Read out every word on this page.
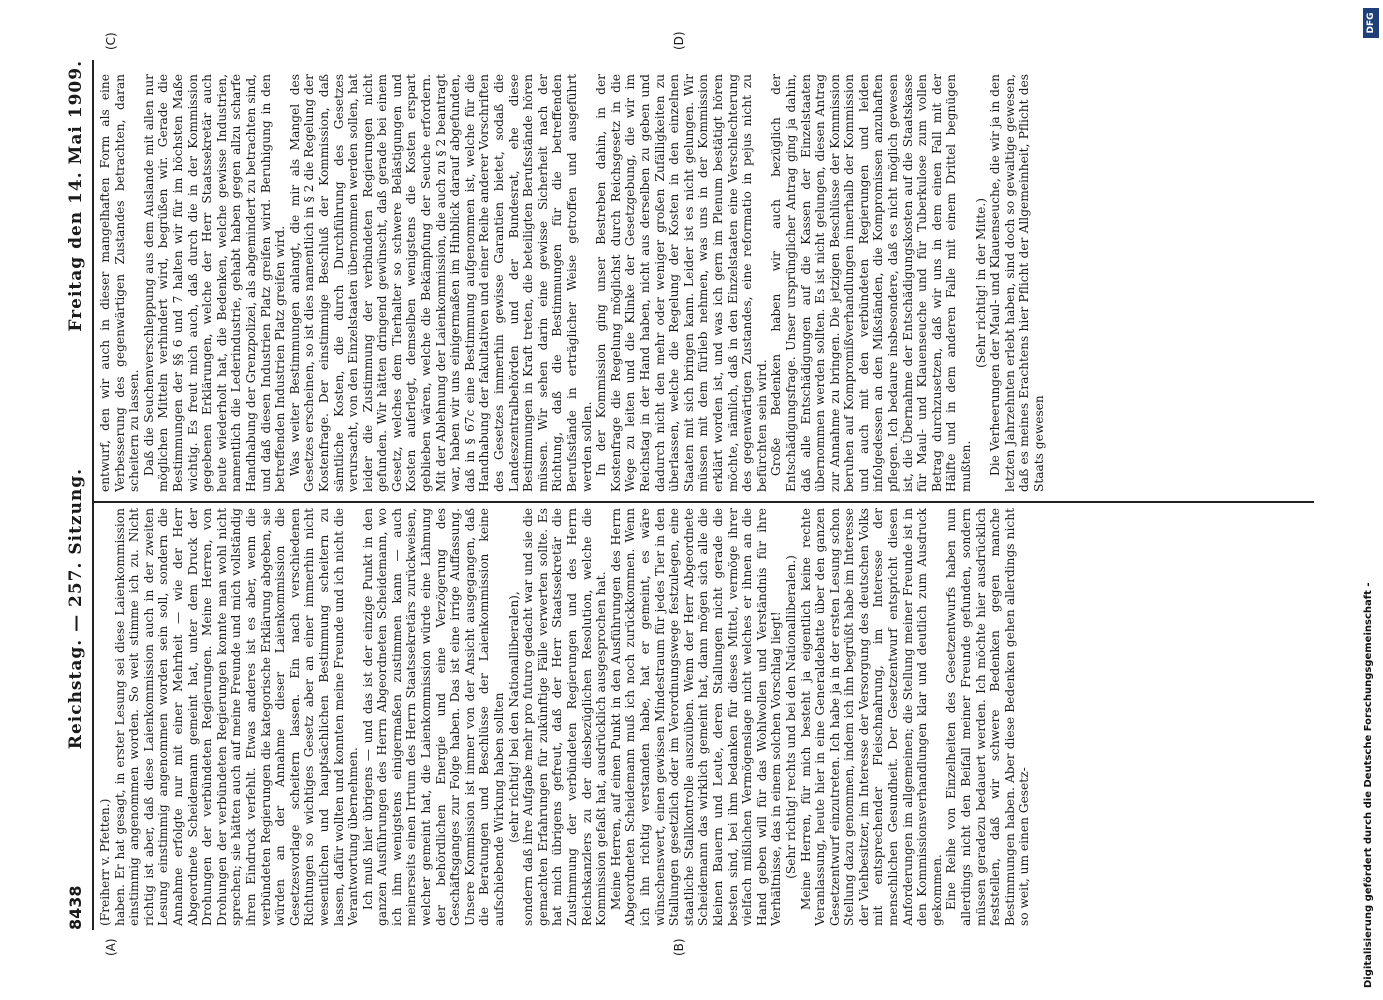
8438
Reichstag. — 257. Sitzung.
Freitag den 14. Mai 1909.
(A)	(B)
(C)	(D)

(Freiherr v. Pfetten.) haben. Er hat gesagt, in erster Lesung sei diese Laienkommission einstimmig angenommen worden. So weit stimme ich zu. Nicht richtig ist aber, daß diese Laienkommission auch in der zweiten Lesung einstimmig angenommen worden sein soll, sondern die Annahme erfolgte nur mit einer Mehrheit — wie der Herr Abgeordnete Scheidemann gemeint hat, unter dem Druck der Drohungen der verbündeten Regierungen. Meine Herren, von Drohungen der verbündeten Regierungen konnte man wohl nicht sprechen; sie hätten auch auf meine Freunde und mich vollständig ihren Eindruck verfehlt. Etwas anderes ist es aber, wenn die verbündeten Regierungen die kategorische Erklärung abgeben, sie würden an der Annahme dieser Laienkommission die Gesetzesvorlage scheitern lassen. Ein nach verschiedenen Richtungen so wichtiges Gesetz aber an einer immerhin nicht wesentlichen und hauptsächlichen Bestimmung scheitern zu lassen, dafür wollten und konnten meine Freunde und ich nicht die Verantwortung übernehmen. Ich muß hier übrigens — und das ist der einzige Punkt in den ganzen Ausführungen des Herrn Abgeordneten Scheidemann, wo ich ihm wenigstens einigermaßen zustimmen kann — auch meinerseits einen Irrtum des Herrn Staatssekretärs zurückweisen, welcher gemeint hat, die Laienkommission würde eine Lähmung der behördlichen Energie und eine Verzögerung des Geschäftsganges zur Folge haben. Das ist eine irrige Auffassung. Unsere Kommission ist immer von der Ansicht ausgegangen, daß die Beratungen und Beschlüsse der Laienkommission keine aufschiebende Wirkung haben sollten (sehr richtig! bei den Nationalliberalen), sondern daß ihre Aufgabe mehr pro futuro gedacht war und sie die gemachten Erfahrungen für zukünftige Fälle verwerten sollte. Es hat mich übrigens gefreut, daß der Herr Staatssekretär die Zustimmung der verbündeten Regierungen und des Herrn Reichskanzlers zu der diesbezüglichen Resolution, welche die Kommission gefaßt hat, ausdrücklich ausgesprochen hat. Meine Herren, auf einen Punkt in den Ausführungen des Herrn Abgeordneten Scheidemann muß ich noch zurückkommen. Wenn ich ihn richtig verstanden habe, hat er gemeint, es wäre wünschenswert, einen gewissen Mindestraum für jedes Tier in den Stallungen gesetzlich oder im Verordnungswege festzulegen, eine staatliche Stallkontrolle auszuüben. Wenn der Herr Abgeordnete Scheidemann das wirklich gemeint hat, dann mögen sich alle die kleinen Bauern und Leute, deren Stallungen nicht gerade die besten sind, bei ihm bedanken für dieses Mittel, vermöge ihrer vielfach mißlichen Vermögenslage nicht welches er ihnen an die Hand geben will für das Wohlwollen und Verständnis für ihre Verhältnisse, das in einem solchen Vorschlag liegt! (Sehr richtig! rechts und bei den Nationalliberalen.) Meine Herren, für mich besteht ja eigentlich keine rechte Veranlassung, heute hier in eine Generaldebatte über den ganzen Gesetzentwurf einzutreten. Ich habe ja in der ersten Lesung schon Stellung dazu genommen, indem ich ihn begrüßt habe im Interesse der Viehbesitzer, im Interesse der Versorgung des deutschen Volks mit entsprechender Fleischnahrung, im Interesse der menschlichen Gesundheit. Der Gesetzentwurf entspricht diesen Anforderungen im allgemeinen; die Stellung meiner Freunde ist in den Kommissionsverhandlungen klar und deutlich zum Ausdruck gekommen. Eine Reihe von Einzelheiten des Gesetzentwurfs haben nun allerdings nicht den Beifall meiner Freunde gefunden, sondern müssen geradezu bedauert werden. Ich möchte hier ausdrücklich feststellen, daß wir schwere Bedenken gegen manche Bestimmungen haben. Aber diese Bedenken gehen allerdings nicht so weit, um einen Gesetz-

entwurf, den wir auch in dieser mangelhaften Form als eine Verbesserung des gegenwärtigen Zustandes betrachten, daran scheitern zu lassen. Daß die Seuchenverschleppung aus dem Auslande mit allen nur möglichen Mitteln verhindert wird, begrüßen wir. Gerade die Bestimmungen der §§ 6 und 7 halten wir für im höchsten Maße wichtig. Es freut mich auch, daß durch die in der Kommission gegebenen Erklärungen, welche der Herr Staatssekretär auch heute wiederholt hat, die Bedenken, welche gewisse Industrien, namentlich die Lederindustrie, gehabt haben gegen allzu scharfe Handhabung der Grenzpolizei, als abgemindert zu betrachten sind, und daß diesen Industrien Platz greifen wird. Beruhigung in den betreffenden Industrien Platz greifen wird. Was weiter Bestimmungen anlangt, die mir als Mangel des Gesetzes erscheinen, so ist dies namentlich in § 2 die Regelung der Kostenfrage. Der einstimmige Beschluß der Kommission, daß sämtliche Kosten, die durch Durchführung des Gesetzes verursacht, von den Einzelstaaten übernommen werden sollen, hat leider die Zustimmung der verbündeten Regierungen nicht gefunden. Wir hätten dringend gewünscht, daß gerade bei einem Gesetz, welches dem Tierhalter so schwere Belästigungen und Kosten auferlegt, demselben wenigstens die Kosten erspart geblieben wären, welche die Bekämpfung der Seuche erfordern. Mit der Ablehnung der Laienkommission, die auch zu § 2 beantragt war, haben wir uns einigermaßen im Hinblick darauf abgefunden, daß in § 67c eine Bestimmung aufgenommen ist, welche für die Handhabung der fakultativen und einer Reihe anderer Vorschriften des Gesetzes immerhin gewisse Garantien bietet, sodaß die Landeszentralbehörden und der Bundesrat, ehe diese Bestimmungen in Kraft treten, die beteiligten Berufsstände hören müssen. Wir sehen darin eine gewisse Sicherheit nach der Richtung, daß die Bestimmungen für die betreffenden Berufsstände in erträglicher Weise getroffen und ausgeführt werden sollen. In der Kommission ging unser Bestreben dahin, in der Kostenfrage die Regelung möglichst durch Reichsgesetz in die Wege zu leiten und die Klinke der Gesetzgebung, die wir im Reichstag in der Hand haben, nicht aus derselben zu geben und dadurch nicht den mehr oder weniger großen Zufälligkeiten zu überlassen, welche die Regelung der Kosten in den einzelnen Staaten mit sich bringen kann. Leider ist es nicht gelungen. Wir müssen mit dem fürlieb nehmen, was uns in der Kommission erklärt worden ist, und was ich gern im Plenum bestätigt hören möchte, nämlich, daß in den Einzelstaaten eine Verschlechterung des gegenwärtigen Zustandes, eine reformatio in pejus nicht zu befürchten sein wird. Große Bedenken haben wir auch bezüglich der Entschädigungsfrage. Unser ursprünglicher Antrag ging ja dahin, daß alle Entschädigungen auf die Kassen der Einzelstaaten übernommen werden sollten. Es ist nicht gelungen, diesen Antrag zur Annahme zu bringen. Die jetzigen Beschlüsse der Kommission beruhen auf Kompromißverhandlungen innerhalb der Kommission und auch mit den verbündeten Regierungen und leiden infolgedessen an den Mißständen, die Kompromissen anzuhaften pflegen. Ich bedaure insbesondere, daß es nicht möglich gewesen ist, die Übernahme der Entschädigungskosten auf die Staatskasse für Maul- und Klauenseuche und für Tuberkulose zum vollen Betrag durchzusetzen, daß wir uns in dem einen Fall mit der Hälfte und in dem anderen Falle mit einem Drittel begnügen mußten.

(Sehr richtig! in der Mitte.) Die Verheerungen der Maul- und Klauenseuche, die wir ja in den letzten Jahrzehnten erlebt haben, sind doch so gewaltige gewesen, daß es meines Erachtens hier Pflicht der Allgemeinheit, Pflicht des Staats gewesen

Digitalisierung gefördert durch die Deutsche Forschungsgemeinschaft -
DFG
